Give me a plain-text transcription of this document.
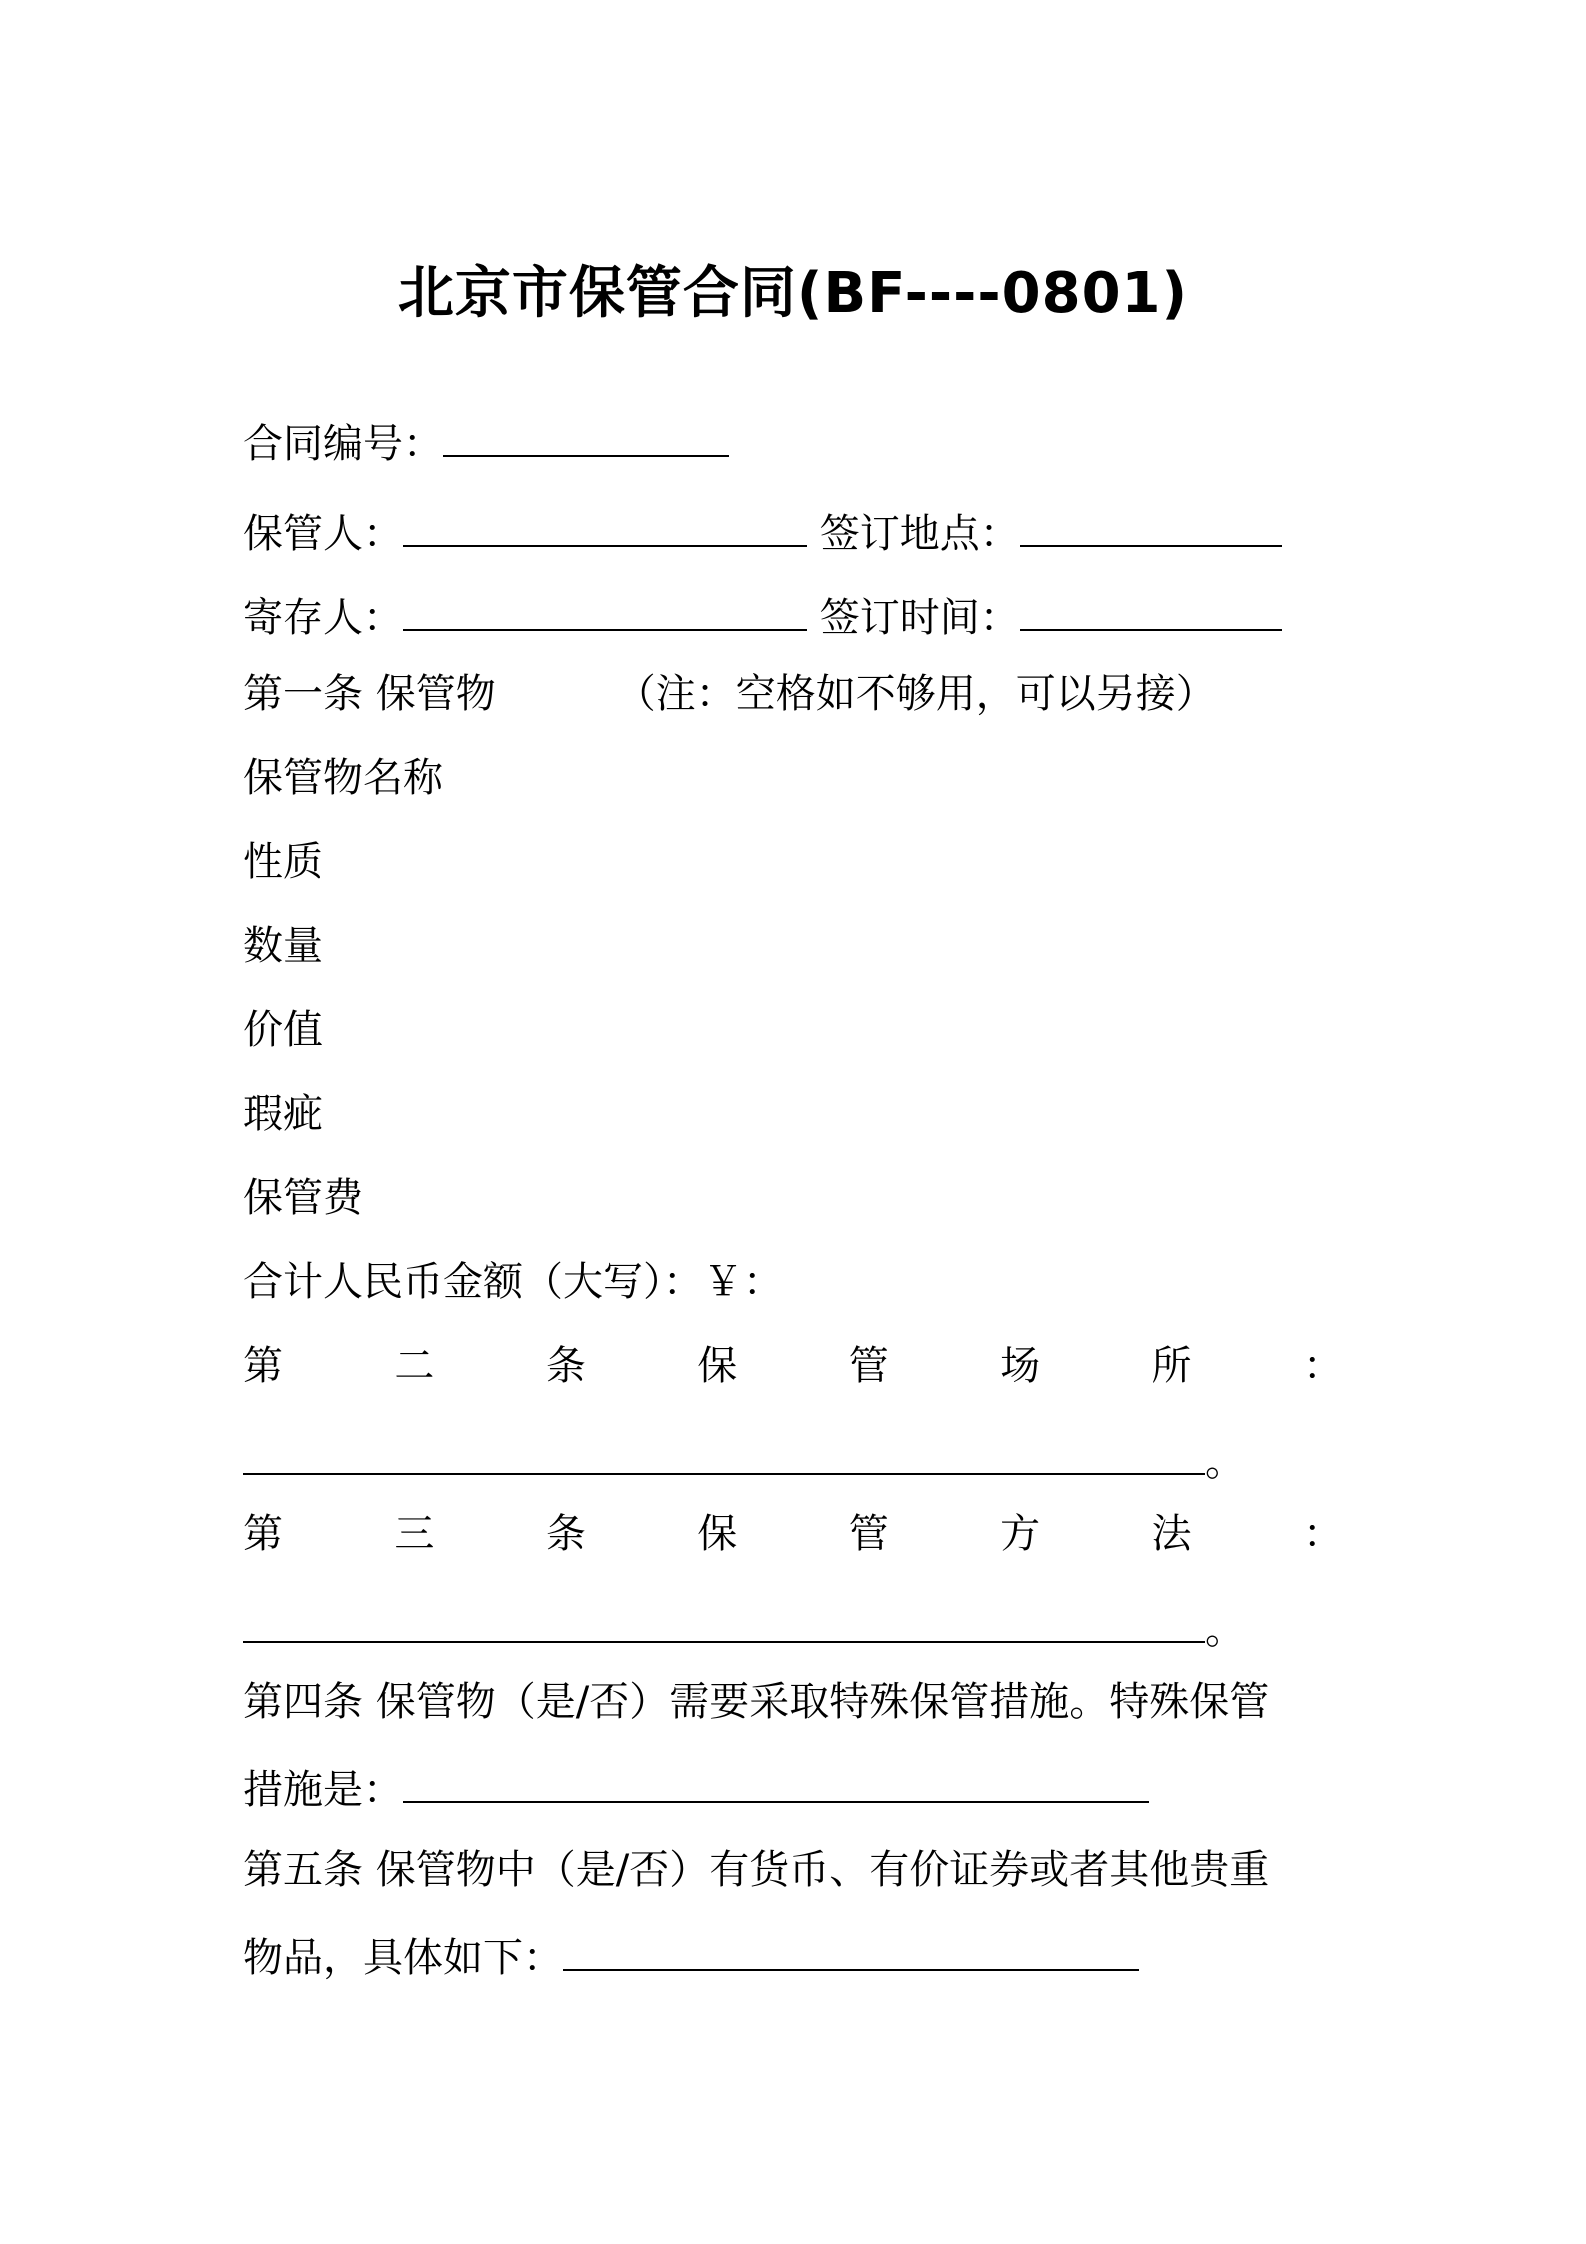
北京市保管合同(BF----0801)
合同编号：
保管人：	签订地点：
寄存人：	签订时间：
第一条 保管物	（注：空格如不够用，可以另接）
保管物名称
性质
数量
价值
瑕疵
保管费
合计人民币金额（大写）：￥：
第	二	条	保	管	场	所	：
。
第	三	条	保	管	方	法	：
。
第四条 保管物（是/否）需要采取特殊保管措施。特殊保管
措施是：
第五条 保管物中（是/否）有货币、有价证券或者其他贵重
物品，具体如下：
